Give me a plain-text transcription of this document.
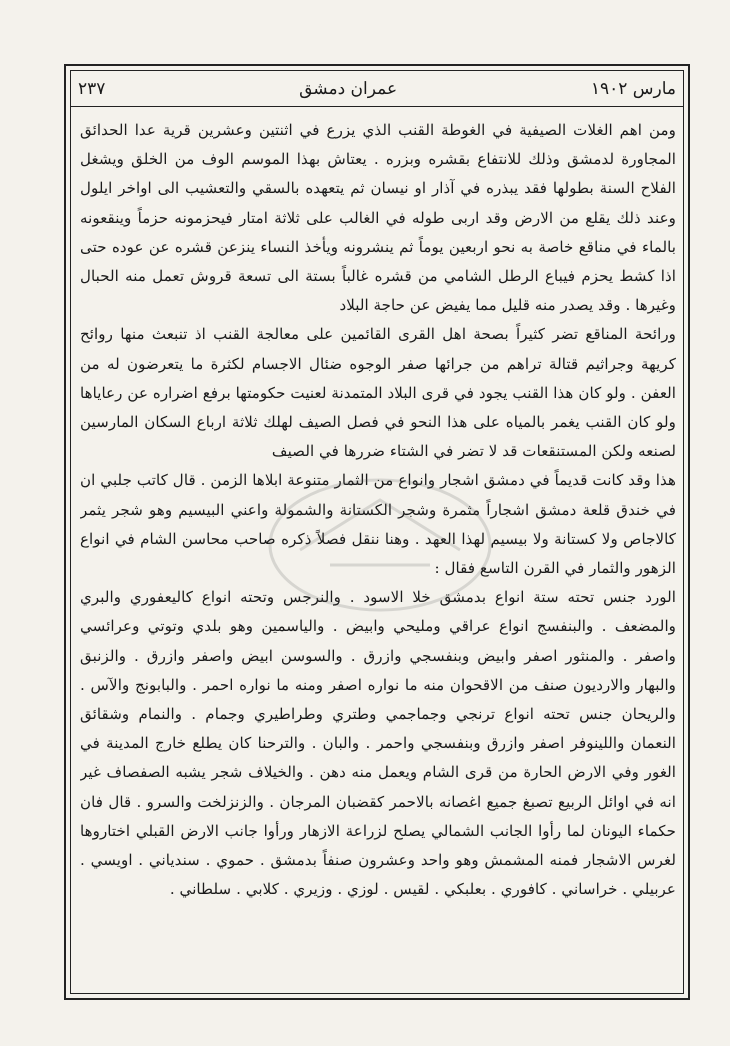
مارس ١٩٠٢
عمران دمشق
٢٣٧

ومن اهم الغلات الصيفية في الغوطة القنب الذي يزرع في اثنتين وعشرين قرية عدا الحدائق المجاورة لدمشق وذلك للانتفاع بقشره وبزره . يعتاش بهذا الموسم الوف من الخلق ويشغل الفلاح السنة بطولها فقد يبذره في آذار او نيسان ثم يتعهده بالسقي والتعشيب الى اواخر ايلول وعند ذلك يقلع من الارض وقد اربى طوله في الغالب على ثلاثة امتار فيحزمونه حزماً وينقعونه بالماء في مناقع خاصة به نحو اربعين يوماً ثم ينشرونه ويأخذ النساء ينزعن قشره عن عوده حتى اذا كشط يحزم فيباع الرطل الشامي من قشره غالباً بستة الى تسعة قروش تعمل منه الحبال وغيرها . وقد يصدر منه قليل مما يفيض عن حاجة البلاد

ورائحة المناقع تضر كثيراً بصحة اهل القرى القائمين على معالجة القنب اذ تنبعث منها روائح كريهة وجراثيم قتالة تراهم من جرائها صفر الوجوه ضئال الاجسام لكثرة ما يتعرضون له من العفن . ولو كان هذا القنب يجود في قرى البلاد المتمدنة لعنيت حكومتها برفع اضراره عن رعاياها ولو كان القنب يغمر بالمياه على هذا النحو في فصل الصيف لهلك ثلاثة ارباع السكان المارسين لصنعه ولكن المستنقعات قد لا تضر في الشتاء ضررها في الصيف

هذا وقد كانت قديماً في دمشق اشجار وانواع من الثمار متنوعة ابلاها الزمن . قال كاتب جلبي ان في خندق قلعة دمشق اشجاراً مثمرة وشجر الكستانة والشمولة واعني البيسيم وهو شجر يثمر كالاجاص ولا كستانة ولا بيسيم لهذا العهد . وهنا ننقل فصلاً ذكره صاحب محاسن الشام في انواع الزهور والثمار في القرن التاسع فقال :

الورد جنس تحته ستة انواع بدمشق خلا الاسود . والنرجس وتحته انواع كاليعفوري والبري والمضعف . والبنفسج انواع عراقي ومليحي وابيض . والياسمين وهو بلدي وتوتي وعرائسي واصفر . والمنثور اصفر وابيض وبنفسجي وازرق . والسوسن ابيض واصفر وازرق . والزنبق والبهار والارديون صنف من الاقحوان منه ما نواره اصفر ومنه ما نواره احمر . والبابونج والآس . والريحان جنس تحته انواع ترنجي وجماجمي وطتري وطراطيري وجمام . والنمام وشقائق النعمان واللينوفر اصفر وازرق وبنفسجي واحمر . والبان . والترحنا كان يطلع خارج المدينة في الغور وفي الارض الحارة من قرى الشام ويعمل منه دهن . والخيلاف شجر يشبه الصفصاف غير انه في اوائل الربيع تصبغ جميع اغصانه بالاحمر كقضبان المرجان . والزنزلخت والسرو . قال فان حكماء اليونان لما رأوا الجانب الشمالي يصلح لزراعة الازهار ورأوا جانب الارض القبلي اختاروها لغرس الاشجار فمنه المشمش وهو واحد وعشرون صنفاً بدمشق . حموي . سندياني . اويسي . عربيلي . خراساني . كافوري . بعلبكي . لقيس . لوزي . وزيري . كلابي . سلطاني .
